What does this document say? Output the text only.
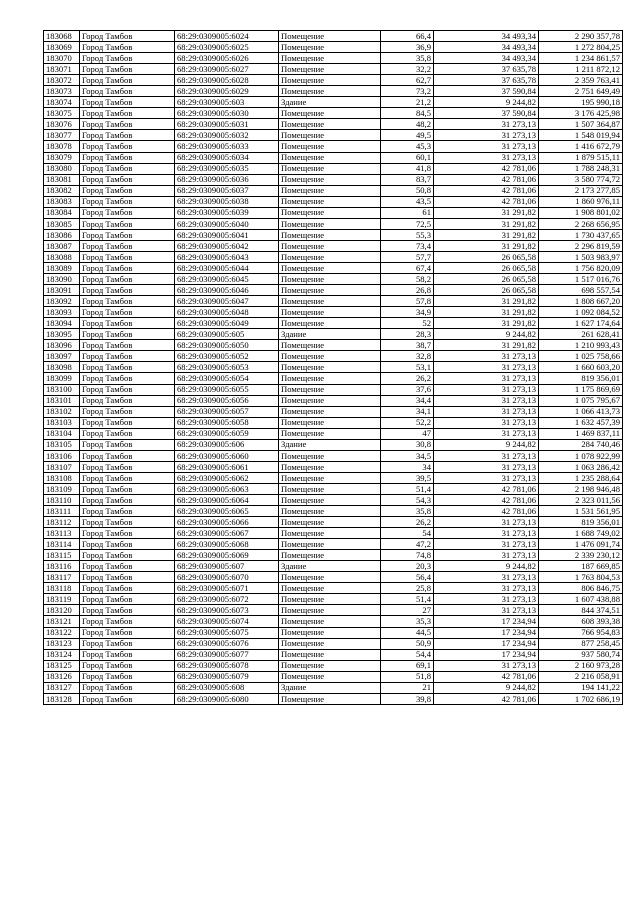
183068	Город Тамбов	68:29:0309005:6024	Помещение	66,4	34 493,34	2 290 357,78
183069	Город Тамбов	68:29:0309005:6025	Помещение	36,9	34 493,34	1 272 804,25
183070	Город Тамбов	68:29:0309005:6026	Помещение	35,8	34 493,34	1 234 861,57
183071	Город Тамбов	68:29:0309005:6027	Помещение	32,2	37 635,78	1 211 872,12
183072	Город Тамбов	68:29:0309005:6028	Помещение	62,7	37 635,78	2 359 763,41
183073	Город Тамбов	68:29:0309005:6029	Помещение	73,2	37 590,84	2 751 649,49
183074	Город Тамбов	68:29:0309005:603	Здание	21,2	9 244,82	195 990,18
183075	Город Тамбов	68:29:0309005:6030	Помещение	84,5	37 590,84	3 176 425,98
183076	Город Тамбов	68:29:0309005:6031	Помещение	48,2	31 273,13	1 507 364,87
183077	Город Тамбов	68:29:0309005:6032	Помещение	49,5	31 273,13	1 548 019,94
183078	Город Тамбов	68:29:0309005:6033	Помещение	45,3	31 273,13	1 416 672,79
183079	Город Тамбов	68:29:0309005:6034	Помещение	60,1	31 273,13	1 879 515,11
183080	Город Тамбов	68:29:0309005:6035	Помещение	41,8	42 781,06	1 788 248,31
183081	Город Тамбов	68:29:0309005:6036	Помещение	83,7	42 781,06	3 580 774,72
183082	Город Тамбов	68:29:0309005:6037	Помещение	50,8	42 781,06	2 173 277,85
183083	Город Тамбов	68:29:0309005:6038	Помещение	43,5	42 781,06	1 860 976,11
183084	Город Тамбов	68:29:0309005:6039	Помещение	61	31 291,82	1 908 801,02
183085	Город Тамбов	68:29:0309005:6040	Помещение	72,5	31 291,82	2 268 656,95
183086	Город Тамбов	68:29:0309005:6041	Помещение	55,3	31 291,82	1 730 437,65
183087	Город Тамбов	68:29:0309005:6042	Помещение	73,4	31 291,82	2 296 819,59
183088	Город Тамбов	68:29:0309005:6043	Помещение	57,7	26 065,58	1 503 983,97
183089	Город Тамбов	68:29:0309005:6044	Помещение	67,4	26 065,58	1 756 820,09
183090	Город Тамбов	68:29:0309005:6045	Помещение	58,2	26 065,58	1 517 016,76
183091	Город Тамбов	68:29:0309005:6046	Помещение	26,8	26 065,58	698 557,54
183092	Город Тамбов	68:29:0309005:6047	Помещение	57,8	31 291,82	1 808 667,20
183093	Город Тамбов	68:29:0309005:6048	Помещение	34,9	31 291,82	1 092 084,52
183094	Город Тамбов	68:29:0309005:6049	Помещение	52	31 291,82	1 627 174,64
183095	Город Тамбов	68:29:0309005:605	Здание	28,3	9 244,82	261 628,41
183096	Город Тамбов	68:29:0309005:6050	Помещение	38,7	31 291,82	1 210 993,43
183097	Город Тамбов	68:29:0309005:6052	Помещение	32,8	31 273,13	1 025 758,66
183098	Город Тамбов	68:29:0309005:6053	Помещение	53,1	31 273,13	1 660 603,20
183099	Город Тамбов	68:29:0309005:6054	Помещение	26,2	31 273,13	819 356,01
183100	Город Тамбов	68:29:0309005:6055	Помещение	37,6	31 273,13	1 175 869,69
183101	Город Тамбов	68:29:0309005:6056	Помещение	34,4	31 273,13	1 075 795,67
183102	Город Тамбов	68:29:0309005:6057	Помещение	34,1	31 273,13	1 066 413,73
183103	Город Тамбов	68:29:0309005:6058	Помещение	52,2	31 273,13	1 632 457,39
183104	Город Тамбов	68:29:0309005:6059	Помещение	47	31 273,13	1 469 837,11
183105	Город Тамбов	68:29:0309005:606	Здание	30,8	9 244,82	284 740,46
183106	Город Тамбов	68:29:0309005:6060	Помещение	34,5	31 273,13	1 078 922,99
183107	Город Тамбов	68:29:0309005:6061	Помещение	34	31 273,13	1 063 286,42
183108	Город Тамбов	68:29:0309005:6062	Помещение	39,5	31 273,13	1 235 288,64
183109	Город Тамбов	68:29:0309005:6063	Помещение	51,4	42 781,06	2 198 946,48
183110	Город Тамбов	68:29:0309005:6064	Помещение	54,3	42 781,06	2 323 011,56
183111	Город Тамбов	68:29:0309005:6065	Помещение	35,8	42 781,06	1 531 561,95
183112	Город Тамбов	68:29:0309005:6066	Помещение	26,2	31 273,13	819 356,01
183113	Город Тамбов	68:29:0309005:6067	Помещение	54	31 273,13	1 688 749,02
183114	Город Тамбов	68:29:0309005:6068	Помещение	47,2	31 273,13	1 476 091,74
183115	Город Тамбов	68:29:0309005:6069	Помещение	74,8	31 273,13	2 339 230,12
183116	Город Тамбов	68:29:0309005:607	Здание	20,3	9 244,82	187 669,85
183117	Город Тамбов	68:29:0309005:6070	Помещение	56,4	31 273,13	1 763 804,53
183118	Город Тамбов	68:29:0309005:6071	Помещение	25,8	31 273,13	806 846,75
183119	Город Тамбов	68:29:0309005:6072	Помещение	51,4	31 273,13	1 607 438,88
183120	Город Тамбов	68:29:0309005:6073	Помещение	27	31 273,13	844 374,51
183121	Город Тамбов	68:29:0309005:6074	Помещение	35,3	17 234,94	608 393,38
183122	Город Тамбов	68:29:0309005:6075	Помещение	44,5	17 234,94	766 954,83
183123	Город Тамбов	68:29:0309005:6076	Помещение	50,9	17 234,94	877 258,45
183124	Город Тамбов	68:29:0309005:6077	Помещение	54,4	17 234,94	937 580,74
183125	Город Тамбов	68:29:0309005:6078	Помещение	69,1	31 273,13	2 160 973,28
183126	Город Тамбов	68:29:0309005:6079	Помещение	51,8	42 781,06	2 216 058,91
183127	Город Тамбов	68:29:0309005:608	Здание	21	9 244,82	194 141,22
183128	Город Тамбов	68:29:0309005:6080	Помещение	39,8	42 781,06	1 702 686,19
